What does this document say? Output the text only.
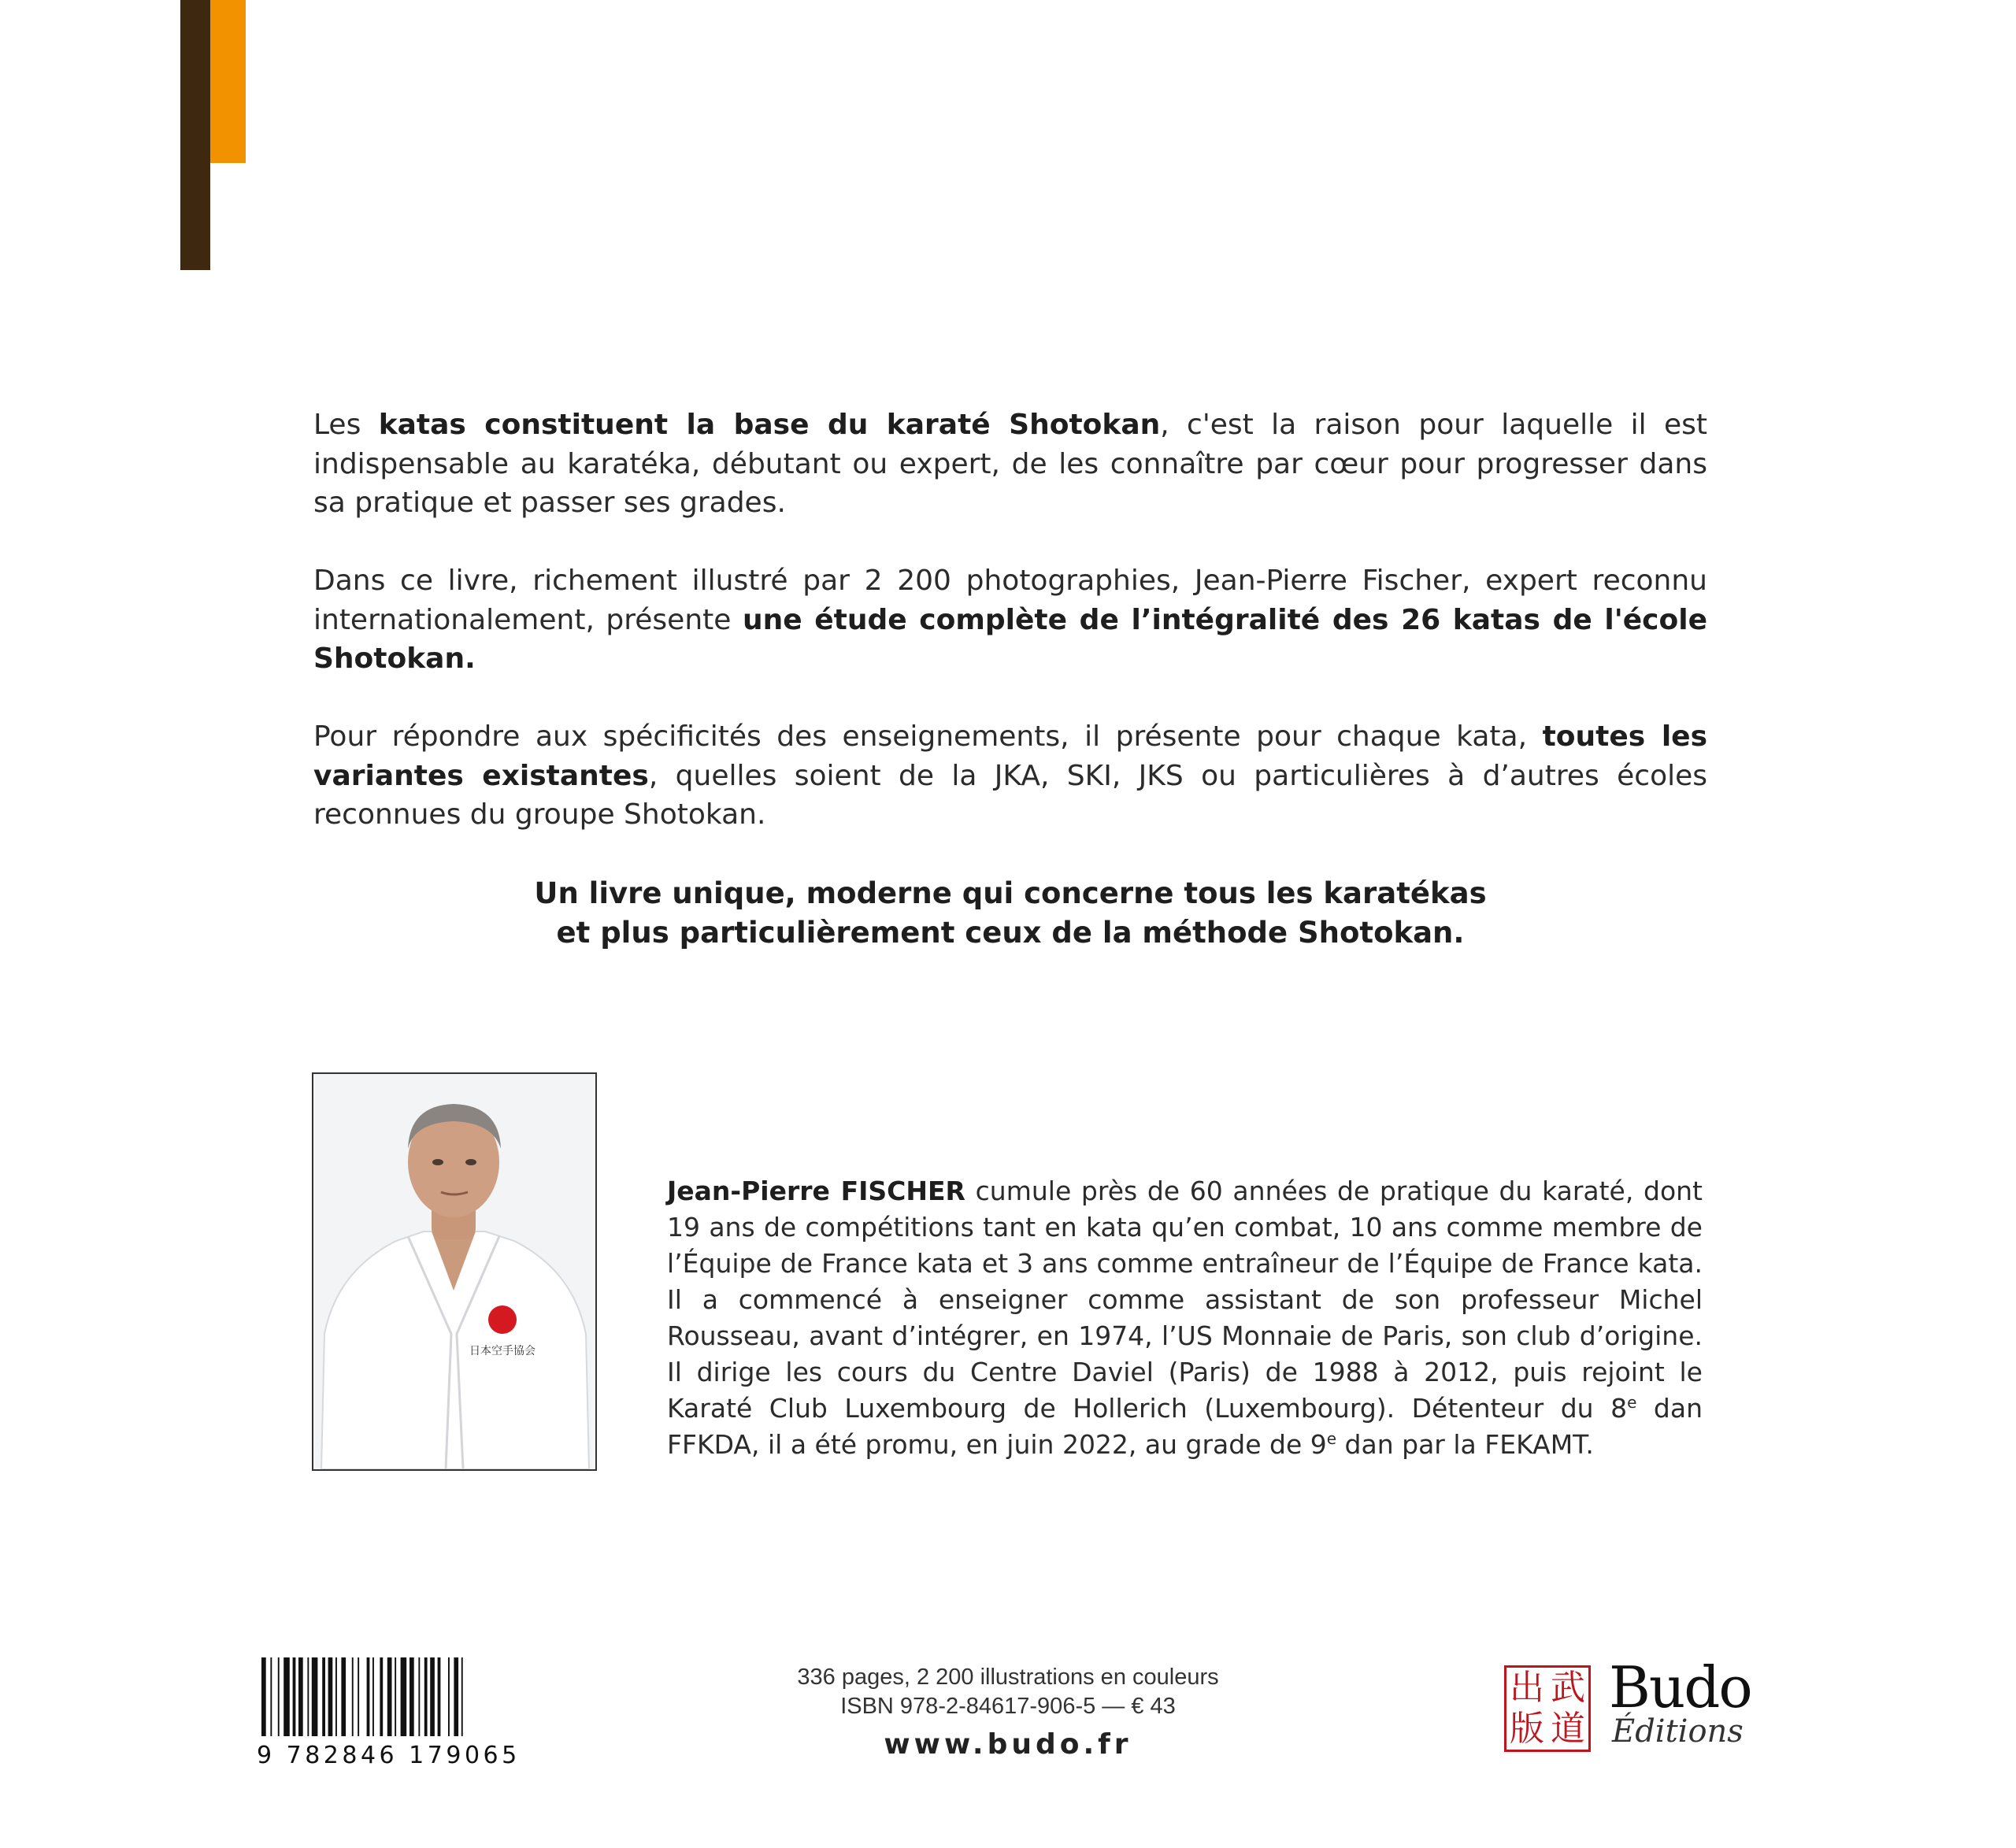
Les katas constituent la base du karaté Shotokan, c'est la raison pour laquelle il est indispensable au karatéka, débutant ou expert, de les connaître par cœur pour progresser dans sa pratique et passer ses grades.

Dans ce livre, richement illustré par 2 200 photographies, Jean-Pierre Fischer, expert reconnu internationalement, présente une étude complète de l’intégralité des 26 katas de l'école Shotokan.

Pour répondre aux spécificités des enseignements, il présente pour chaque kata, toutes les variantes existantes, quelles soient de la JKA, SKI, JKS ou particulières à d’autres écoles reconnues du groupe Shotokan.

Un livre unique, moderne qui concerne tous les karatékas
et plus particulièrement ceux de la méthode Shotokan.
日本空手協会
Jean-Pierre FISCHER cumule près de 60 années de pratique du karaté, dont 19 ans de compétitions tant en kata qu’en combat, 10 ans comme membre de l’Équipe de France kata et 3 ans comme entraîneur de l’Équipe de France kata. Il a commencé à enseigner comme assistant de son professeur Michel Rousseau, avant d’intégrer, en 1974, l’US Monnaie de Paris, son club d’origine. Il dirige les cours du Centre Daviel (Paris) de 1988 à 2012, puis rejoint le Karaté Club Luxembourg de Hollerich (Luxembourg). Détenteur du 8e dan FFKDA, il a été promu, en juin 2022, au grade de 9e dan par la FEKAMT.
9 782846 179065
336 pages, 2 200 illustrations en couleurs
ISBN 978-2-84617-906-5 — € 43
www.budo.fr
出 武
版 道
Budo
Éditions
